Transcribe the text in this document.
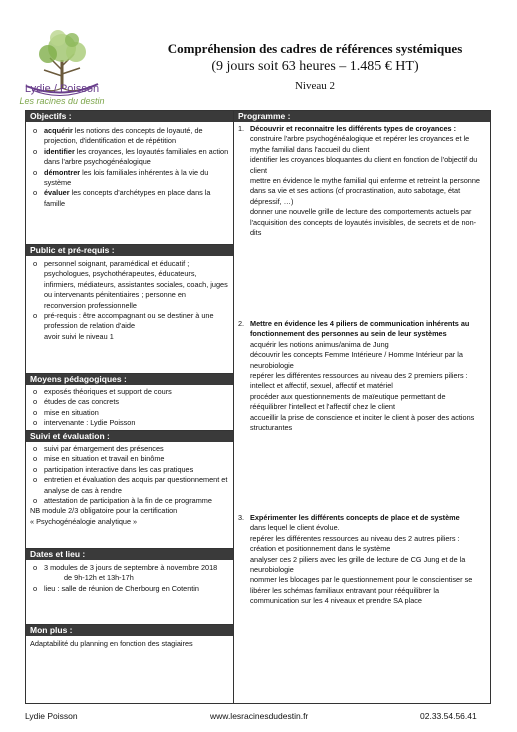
Lydie / Poisson
Les racines du destin
Compréhension des cadres de références systémiques
(9 jours soit 63 heures – 1.485 € HT)
Niveau 2
Objectifs :
o acquérir les notions des concepts de loyauté, de projection, d'identification et de répétition
o identifier les croyances, les loyautés familiales en action dans l'arbre psychogénéalogique
o démontrer les lois familiales inhérentes à la vie du système
o évaluer les concepts d'archétypes en place dans la famille
Public et pré-requis :
o personnel soignant, paramédical et éducatif ; psychologues, psychothérapeutes, éducateurs, infirmiers, médiateurs, assistantes sociales, coach, juges ou intervenants pénitentiaires ; personne en reconversion professionnelle
o pré-requis : être accompagnant ou se destiner à une profession de relation d'aide
avoir suivi le niveau 1
Moyens pédagogiques :
o exposés théoriques et support de cours
o études de cas concrets
o mise en situation
o intervenante : Lydie Poisson
Suivi et évaluation :
o suivi par émargement des présences
o mise en situation et travail en binôme
o participation interactive dans les cas pratiques
o entretien et évaluation des acquis par questionnement et analyse de cas à rendre
o attestation de participation à la fin de ce programme
NB module 2/3 obligatoire pour la certification
« Psychogénéalogie analytique »
Dates et lieu :
o 3 modules de 3 jours de septembre à novembre 2018
de 9h-12h et 13h-17h
o lieu : salle de réunion de Cherbourg en Cotentin
Mon plus :
Adaptabilité du planning en fonction des stagiaires
Programme :
1. Découvrir et reconnaitre les différents types de croyances :
construire l'arbre psychogénéalogique et repérer les croyances et le mythe familial dans l'accueil du client
identifier les croyances bloquantes du client en fonction de l'objectif du client
mettre en évidence le mythe familial qui enferme et retreint la personne dans sa vie et ses actions (cf procrastination, auto sabotage, état dépressif, …)
donner une nouvelle grille de lecture des comportements actuels par l'acquisition des concepts de loyautés invisibles, de secrets et de non-dits
2. Mettre en évidence les 4 piliers de communication inhérents au fonctionnement des personnes au sein de leur systèmes
acquérir les notions animus/anima de Jung
découvrir les concepts Femme Intérieure / Homme Intérieur par la neurobiologie
repérer les différentes ressources au niveau des 2 premiers piliers : intellect et affectif, sexuel, affectif et matériel
procéder aux questionnements de maïeutique permettant de rééquilibrer l'intellect et l'affectif chez le client
accueillir la prise de conscience et inciter le client à poser des actions structurantes
3. Expérimenter les différents concepts de place et de système
dans lequel le client évolue.
repérer les différentes ressources au niveau des 2 autres piliers : création et positionnement dans le système
analyser ces 2 piliers avec les grille de lecture de CG Jung et de la neurobiologie
nommer les blocages par le questionnement pour le conscientiser se libérer les schémas familiaux entravant pour rééquilibrer la communication sur les 4 niveaux et prendre SA place
Lydie Poisson	www.lesracinesdudestin.fr	02.33.54.56.41
